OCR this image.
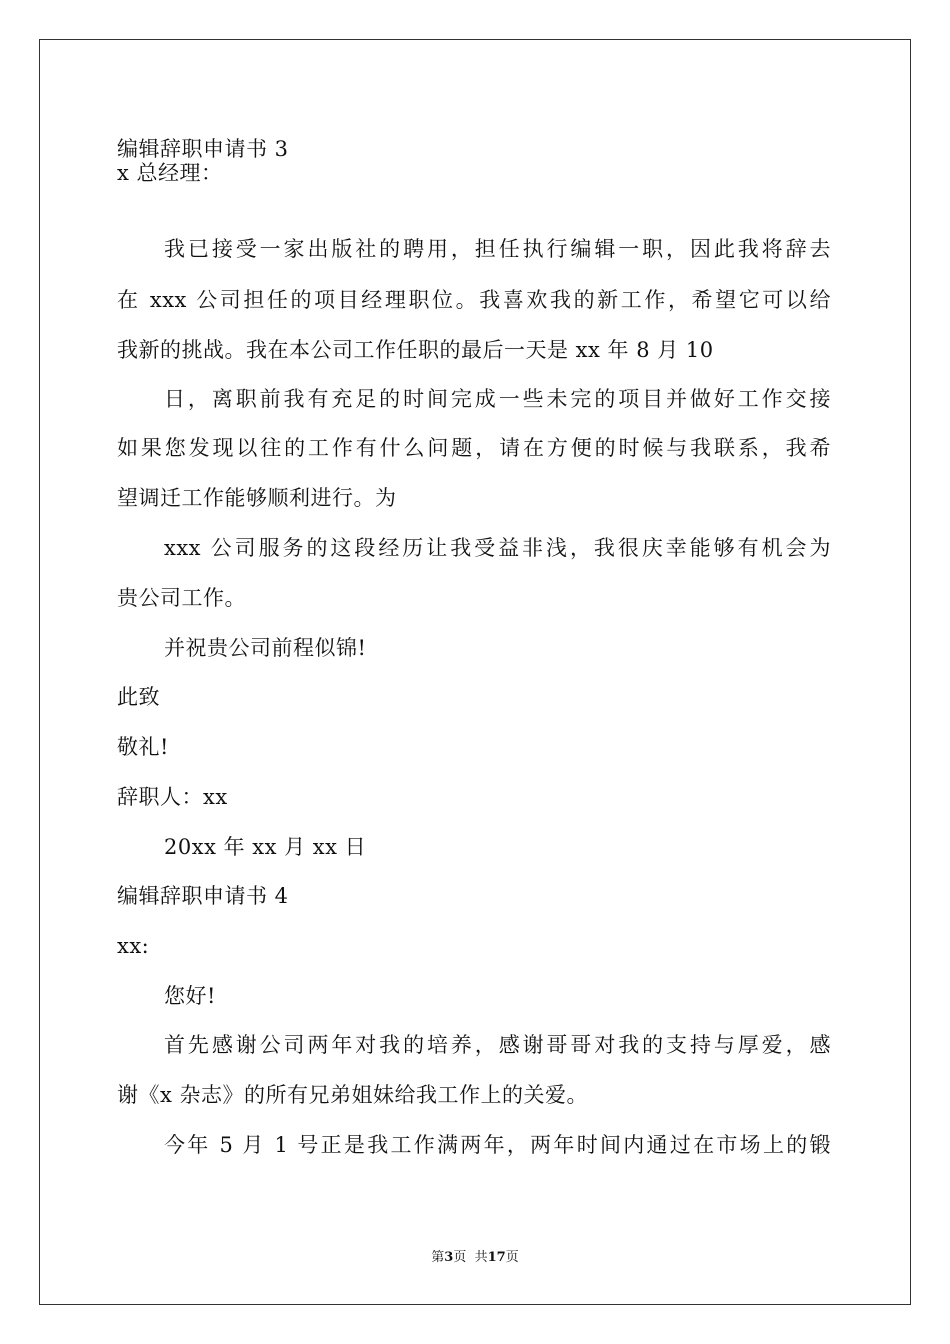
编辑辞职申请书 3
x 总经理：
我已接受一家出版社的聘用，担任执行编辑一职，因此我将辞去
在 xxx 公司担任的项目经理职位。我喜欢我的新工作，希望它可以给
我新的挑战。我在本公司工作任职的最后一天是 xx 年 8 月 10
日，离职前我有充足的时间完成一些未完的项目并做好工作交接
如果您发现以往的工作有什么问题，请在方便的时候与我联系，我希
望调迁工作能够顺利进行。为
xxx 公司服务的这段经历让我受益非浅，我很庆幸能够有机会为
贵公司工作。
并祝贵公司前程似锦!
此致
敬礼!
辞职人：xx
20xx 年 xx 月 xx 日
编辑辞职申请书 4
xx:
您好!
首先感谢公司两年对我的培养，感谢哥哥对我的支持与厚爱，感
谢《x 杂志》的所有兄弟姐妹给我工作上的关爱。
今年 5 月 1 号正是我工作满两年，两年时间内通过在市场上的锻
第3页  共17页
